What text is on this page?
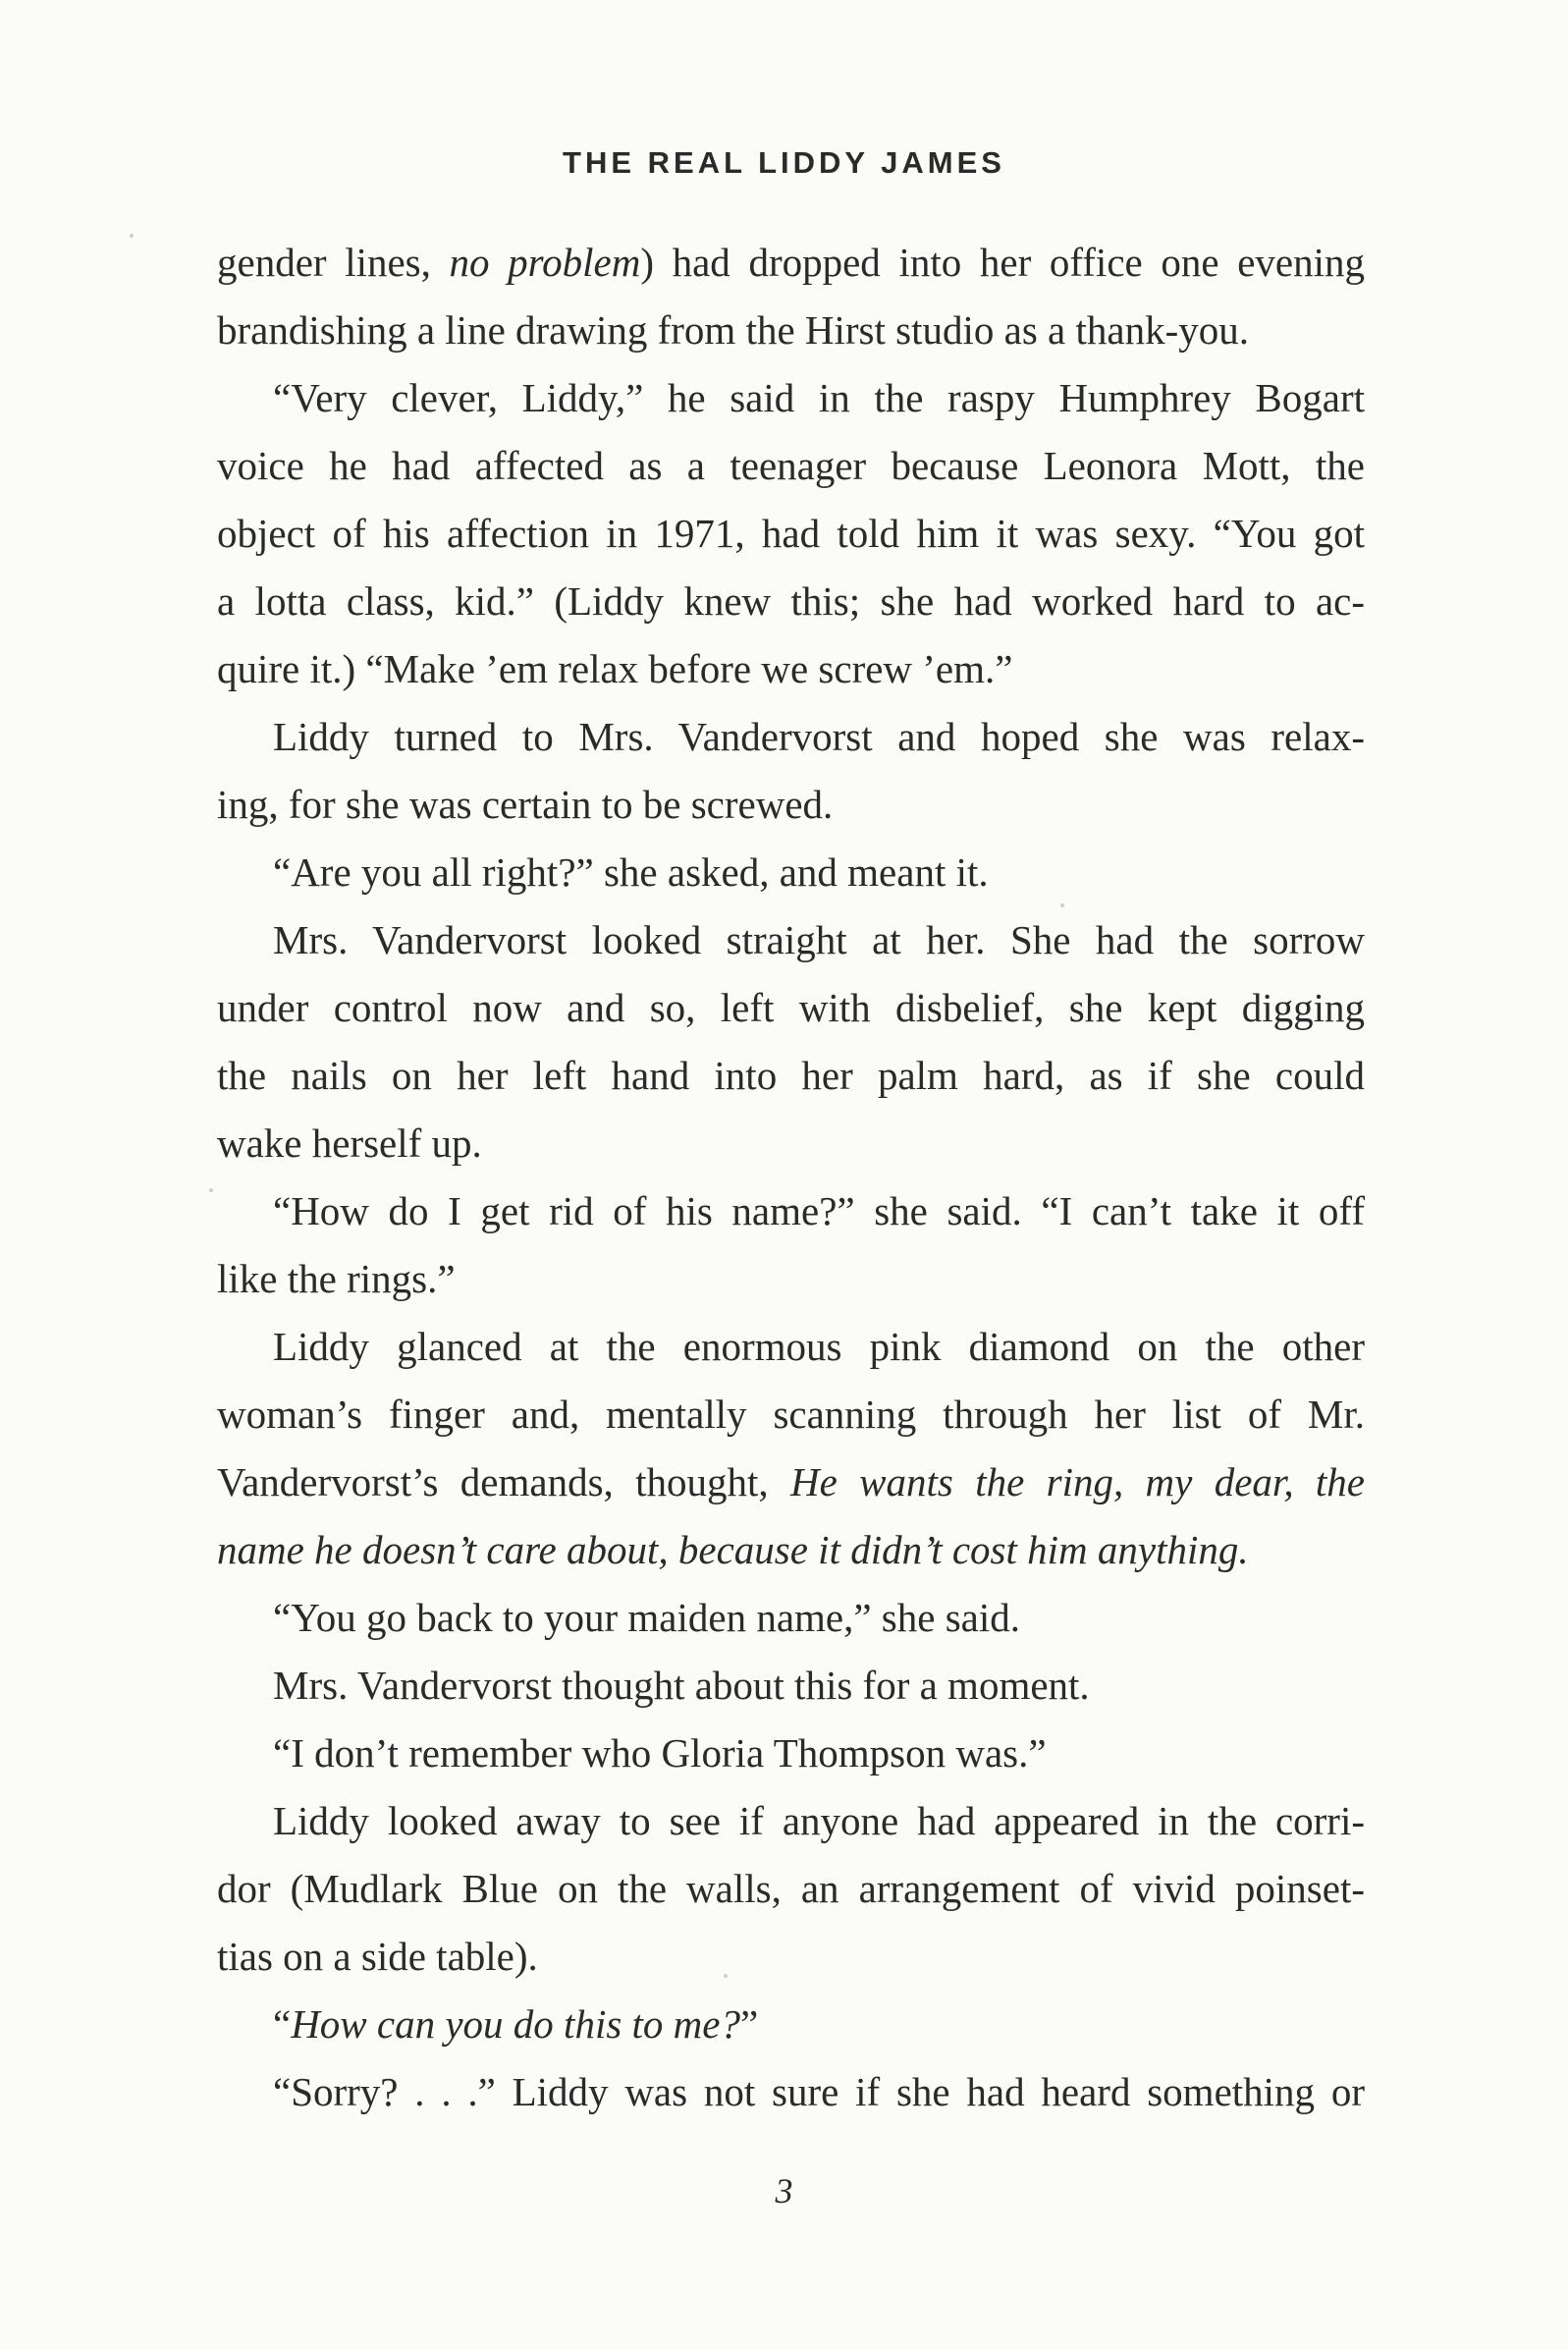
THE REAL LIDDY JAMES
gender lines, no problem) had dropped into her office one evening
brandishing a line drawing from the Hirst studio as a thank-you.
“Very clever, Liddy,” he said in the raspy Humphrey Bogart
voice he had affected as a teenager because Leonora Mott, the
object of his affection in 1971, had told him it was sexy. “You got
a lotta class, kid.” (Liddy knew this; she had worked hard to ac-
quire it.) “Make ’em relax before we screw ’em.”
Liddy turned to Mrs. Vandervorst and hoped she was relax-
ing, for she was certain to be screwed.
“Are you all right?” she asked, and meant it.
Mrs. Vandervorst looked straight at her. She had the sorrow
under control now and so, left with disbelief, she kept digging
the nails on her left hand into her palm hard, as if she could
wake herself up.
“How do I get rid of his name?” she said. “I can’t take it off
like the rings.”
Liddy glanced at the enormous pink diamond on the other
woman’s finger and, mentally scanning through her list of Mr.
Vandervorst’s demands, thought, He wants the ring, my dear, the
name he doesn’t care about, because it didn’t cost him anything.
“You go back to your maiden name,” she said.
Mrs. Vandervorst thought about this for a moment.
“I don’t remember who Gloria Thompson was.”
Liddy looked away to see if anyone had appeared in the corri-
dor (Mudlark Blue on the walls, an arrangement of vivid poinset-
tias on a side table).
“How can you do this to me?”
“Sorry? . . .” Liddy was not sure if she had heard something or
3
